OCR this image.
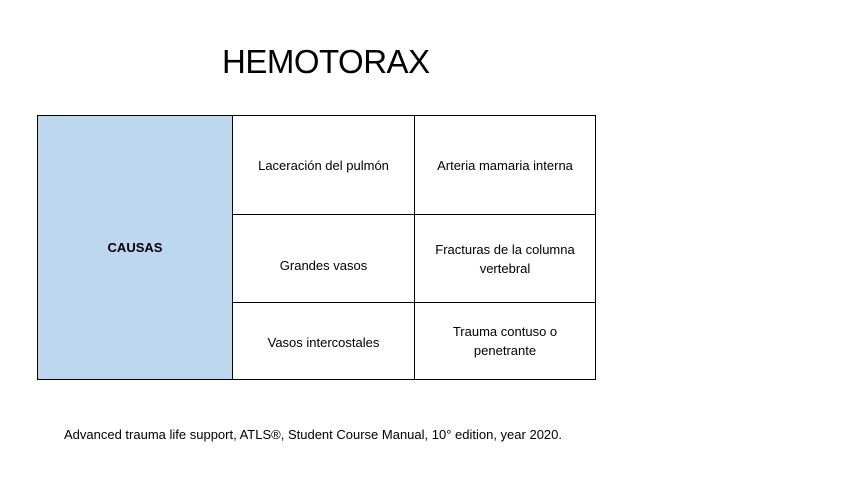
HEMOTORAX
CAUSAS	Laceración del pulmón	Arteria mamaria interna
	Grandes vasos	Fracturas de la columna vertebral
	Vasos intercostales	Trauma contuso o penetrante
Advanced trauma life support, ATLS®, Student Course Manual, 10° edition, year 2020.
